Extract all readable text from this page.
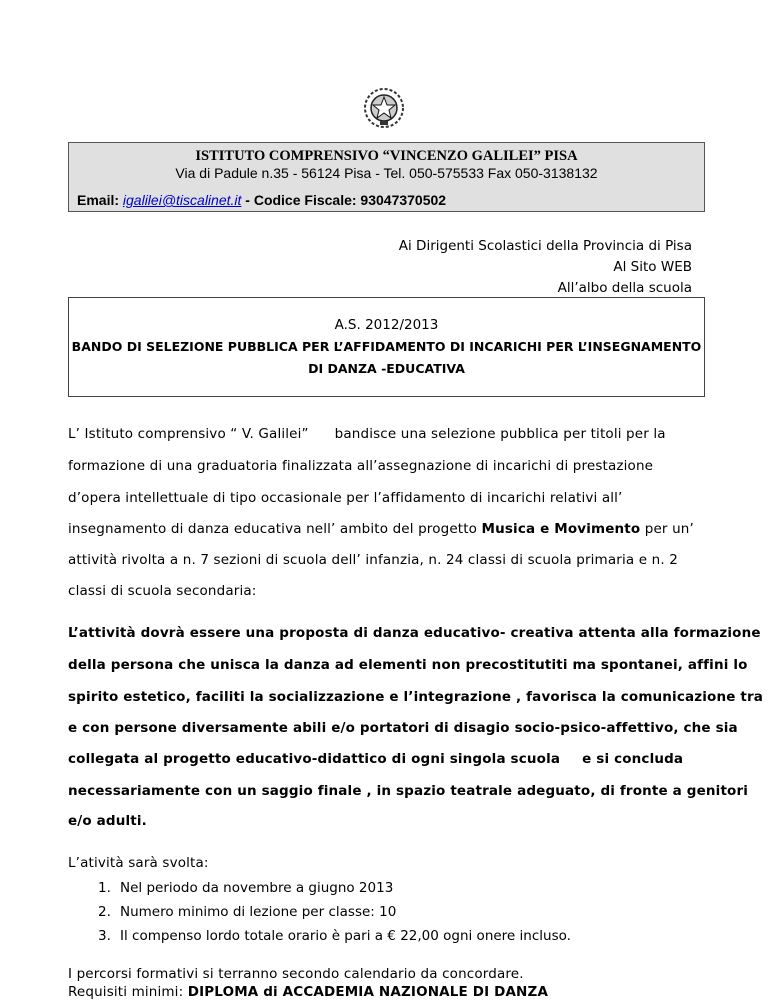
ISTITUTO COMPRENSIVO “VINCENZO GALILEI” PISA
Via di Padule n.35 - 56124 Pisa - Tel. 050-575533 Fax 050-3138132
Email: igalilei@tiscalinet.it - Codice Fiscale: 93047370502
Ai Dirigenti Scolastici della Provincia di Pisa
Al Sito WEB
All’albo della scuola
A.S. 2012/2013
BANDO DI SELEZIONE PUBBLICA PER L’AFFIDAMENTO DI INCARICHI PER L’INSEGNAMENTO
DI DANZA -EDUCATIVA
L’ Istituto comprensivo “ V. Galilei” bandisce una selezione pubblica per titoli per la
formazione di una graduatoria finalizzata all’assegnazione di incarichi di prestazione
d’opera intellettuale di tipo occasionale per l’affidamento di incarichi relativi all’
insegnamento di danza educativa nell’ ambito del progetto Musica e Movimento per un’
attività rivolta a n. 7 sezioni di scuola dell’ infanzia, n. 24 classi di scuola primaria e n. 2
classi di scuola secondaria:
L’attività dovrà essere una proposta di danza educativo- creativa attenta alla formazione
della persona che unisca la danza ad elementi non precostitutiti ma spontanei, affini lo
spirito estetico, faciliti la socializzazione e l’integrazione , favorisca la comunicazione tra
e con persone diversamente abili e/o portatori di disagio socio-psico-affettivo, che sia
collegata al progetto educativo-didattico di ogni singola scuola e si concluda
necessariamente con un saggio finale , in spazio teatrale adeguato, di fronte a genitori
e/o adulti.
L’atività sarà svolta:
1. Nel periodo da novembre a giugno 2013
2. Numero minimo di lezione per classe: 10
3. Il compenso lordo totale orario è pari a € 22,00 ogni onere incluso.
I percorsi formativi si terranno secondo calendario da concordare.
Requisiti minimi: DIPLOMA di ACCADEMIA NAZIONALE DI DANZA
